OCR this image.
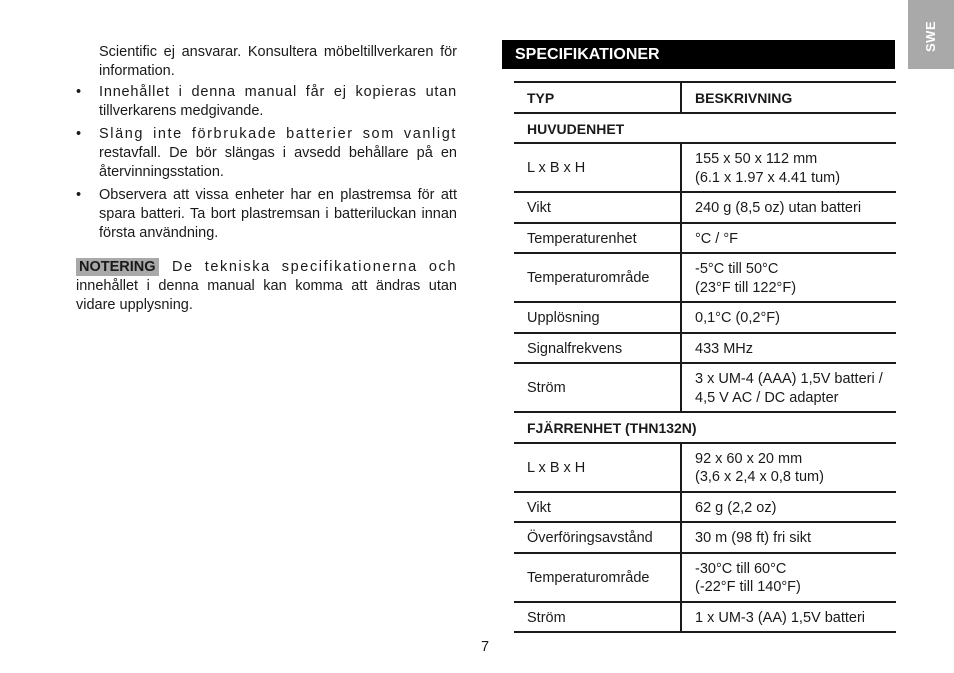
SWE

Scientific ej ansvarar. Konsultera möbeltillverkaren för information.

• Innehållet i denna manual får ej kopieras utan tillverkarens medgivande.
• Släng inte förbrukade batterier som vanligt restavfall. De bör slängas i avsedd behållare på en återvinningsstation.
• Observera att vissa enheter har en plastremsa för att spara batteri. Ta bort plastremsan i batteriluckan innan första användning.
NOTERING De tekniska specifikationerna och innehållet i denna manual kan komma att ändras utan vidare upplysning.
SPECIFIKATIONER
TYP	BESKRIVNING
HUVUDENHET	
L x B x H	155 x 50 x 112 mm
(6.1 x 1.97 x 4.41 tum)

Vikt	240 g (8,5 oz) utan batteri

Temperaturenhet	°C / °F

Temperaturområde	-5°C till 50°C
(23°F till 122°F)

Upplösning	0,1°C (0,2°F)

Signalfrekvens	433 MHz

Ström	3 x UM-4 (AAA) 1,5V batteri /
4,5 V AC / DC adapter

FJÄRRENHET (THN132N)	
L x B x H	92 x 60 x 20 mm
(3,6 x 2,4 x 0,8 tum)

Vikt	62 g (2,2 oz)

Överföringsavstånd	30 m (98 ft) fri sikt

Temperaturområde	-30°C till 60°C
(-22°F till 140°F)

Ström	1 x UM-3 (AA) 1,5V batteri
7
